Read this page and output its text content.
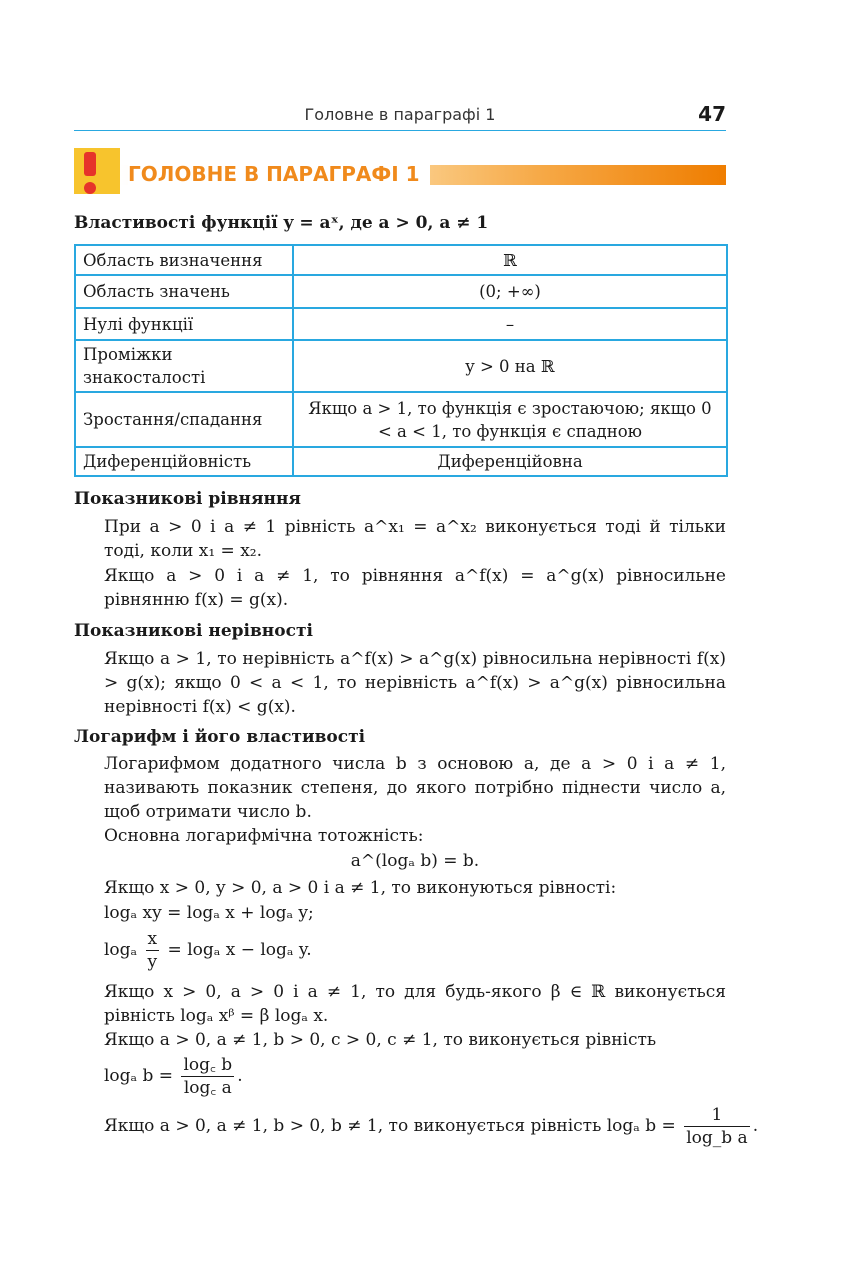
Головне в параграфі 1	47
ГОЛОВНЕ В ПАРАГРАФІ 1
Властивості функції y = aˣ, де a > 0, a ≠ 1
Область визначення	ℝ
Область значень	(0; +∞)
Нулі функції	–
Проміжки знакосталості	y > 0 на ℝ
Зростання/спадання	Якщо a > 1, то функція є зростаючою; якщо 0 < a < 1, то функція є спадною
Диференційовність	Диференційовна
Показникові рівняння
При a > 0 і a ≠ 1 рівність a^x₁ = a^x₂ виконується тоді й тільки тоді, коли x₁ = x₂.
Якщо a > 0 і a ≠ 1, то рівняння a^f(x) = a^g(x) рівносильне рівнянню f(x) = g(x).
Показникові нерівності
Якщо a > 1, то нерівність a^f(x) > a^g(x) рівносильна нерівності f(x) > g(x); якщо 0 < a < 1, то нерівність a^f(x) > a^g(x) рівносильна нерівності f(x) < g(x).
Логарифм і його властивості
Логарифмом додатного числа b з основою a, де a > 0 і a ≠ 1, називають показник степеня, до якого потрібно піднести число a, щоб отримати число b.
Основна логарифмічна тотожність:
a^(logₐ b) = b.
Якщо x > 0, y > 0, a > 0 і a ≠ 1, то виконуються рівності:
logₐ xy = logₐ x + logₐ y;
logₐ $\frac{x}{y} = \log_a$ x − logₐ y.
Якщо x > 0, a > 0 і a ≠ 1, то для будь-якого β ∈ ℝ виконується рівність logₐ xᵝ = β logₐ x.
Якщо a > 0, a ≠ 1, b > 0, c > 0, c ≠ 1, то виконується рівність
logₐ $b = \frac{\log꜀ b}{\log꜀ a}$ .
Якщо a > 0, a ≠ 1, b > 0, b ≠ 1, то виконується рівність logₐ $b = \frac{1}{\text{log\_b a}}$ .
